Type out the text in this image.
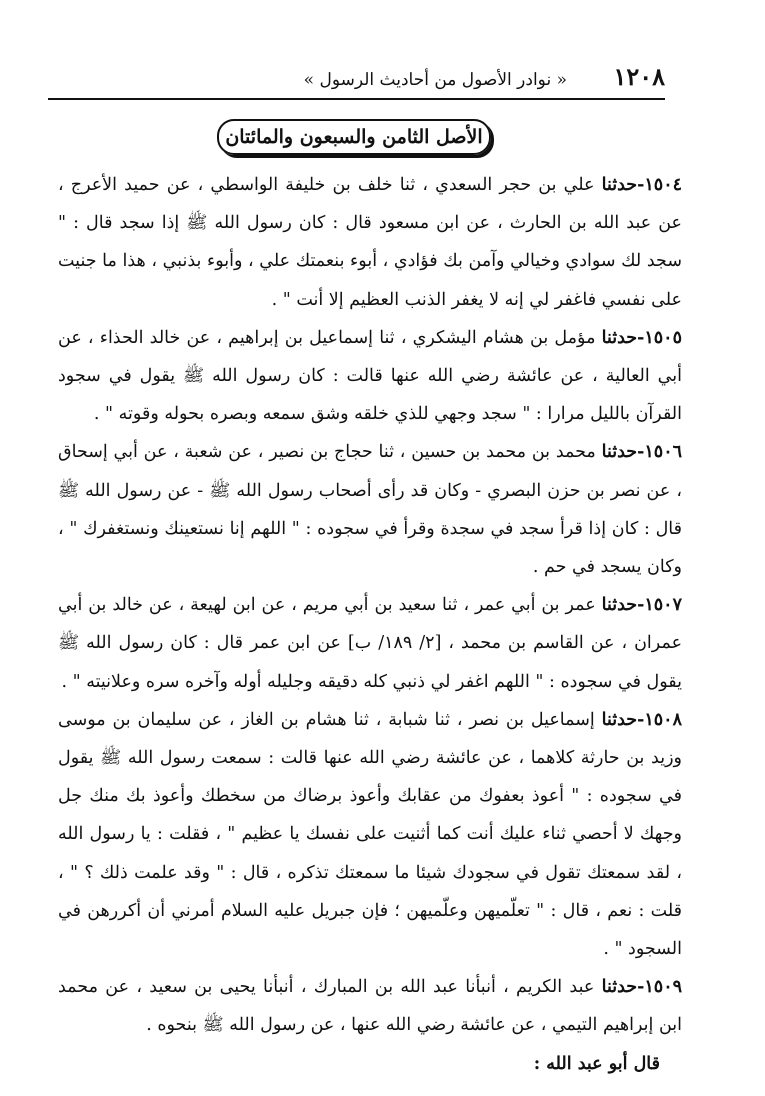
١٢٠٨
« نوادر الأصول من أحاديث الرسول »
الأصل الثامن والسبعون والمائتان

١٥٠٤-حدثنا علي بن حجر السعدي ، ثنا خلف بن خليفة الواسطي ، عن حميد الأعرج ، عن عبد الله بن الحارث ، عن ابن مسعود قال : كان رسول الله ﷺ إذا سجد قال : " سجد لك سوادي وخيالي وآمن بك فؤادي ، أبوء بنعمتك علي ، وأبوء بذنبي ، هذا ما جنيت على نفسي فاغفر لي إنه لا يغفر الذنب العظيم إلا أنت " .

١٥٠٥-حدثنا مؤمل بن هشام اليشكري ، ثنا إسماعيل بن إبراهيم ، عن خالد الحذاء ، عن أبي العالية ، عن عائشة رضي الله عنها قالت : كان رسول الله ﷺ يقول في سجود القرآن بالليل مرارا : " سجد وجهي للذي خلقه وشق سمعه وبصره بحوله وقوته " .

١٥٠٦-حدثنا محمد بن محمد بن حسين ، ثنا حجاج بن نصير ، عن شعبة ، عن أبي إسحاق ، عن نصر بن حزن البصري - وكان قد رأى أصحاب رسول الله ﷺ - عن رسول الله ﷺ قال : كان إذا قرأ سجد في سجدة وقرأ في سجوده : " اللهم إنا نستعينك ونستغفرك " ، وكان يسجد في حم .

١٥٠٧-حدثنا عمر بن أبي عمر ، ثنا سعيد بن أبي مريم ، عن ابن لهيعة ، عن خالد بن أبي عمران ، عن القاسم بن محمد ، [٢/ ١٨٩/ ب] عن ابن عمر قال : كان رسول الله ﷺ يقول في سجوده : " اللهم اغفر لي ذنبي كله دقيقه وجليله أوله وآخره سره وعلانيته " .

١٥٠٨-حدثنا إسماعيل بن نصر ، ثنا شبابة ، ثنا هشام بن الغاز ، عن سليمان بن موسى وزيد بن حارثة كلاهما ، عن عائشة رضي الله عنها قالت : سمعت رسول الله ﷺ يقول في سجوده : " أعوذ بعفوك من عقابك وأعوذ برضاك من سخطك وأعوذ بك منك جل وجهك لا أحصي ثناء عليك أنت كما أثنيت على نفسك يا عظيم " ، فقلت : يا رسول الله ، لقد سمعتك تقول في سجودك شيئا ما سمعتك تذكره ، قال : " وقد علمت ذلك ؟ " ، قلت : نعم ، قال : " تعلّميهن وعلّميهن ؛ فإن جبريل عليه السلام أمرني أن أكررهن في السجود " .

١٥٠٩-حدثنا عبد الكريم ، أنبأنا عبد الله بن المبارك ، أنبأنا يحيى بن سعيد ، عن محمد ابن إبراهيم التيمي ، عن عائشة رضي الله عنها ، عن رسول الله ﷺ بنحوه .

قال أبو عبد الله :
